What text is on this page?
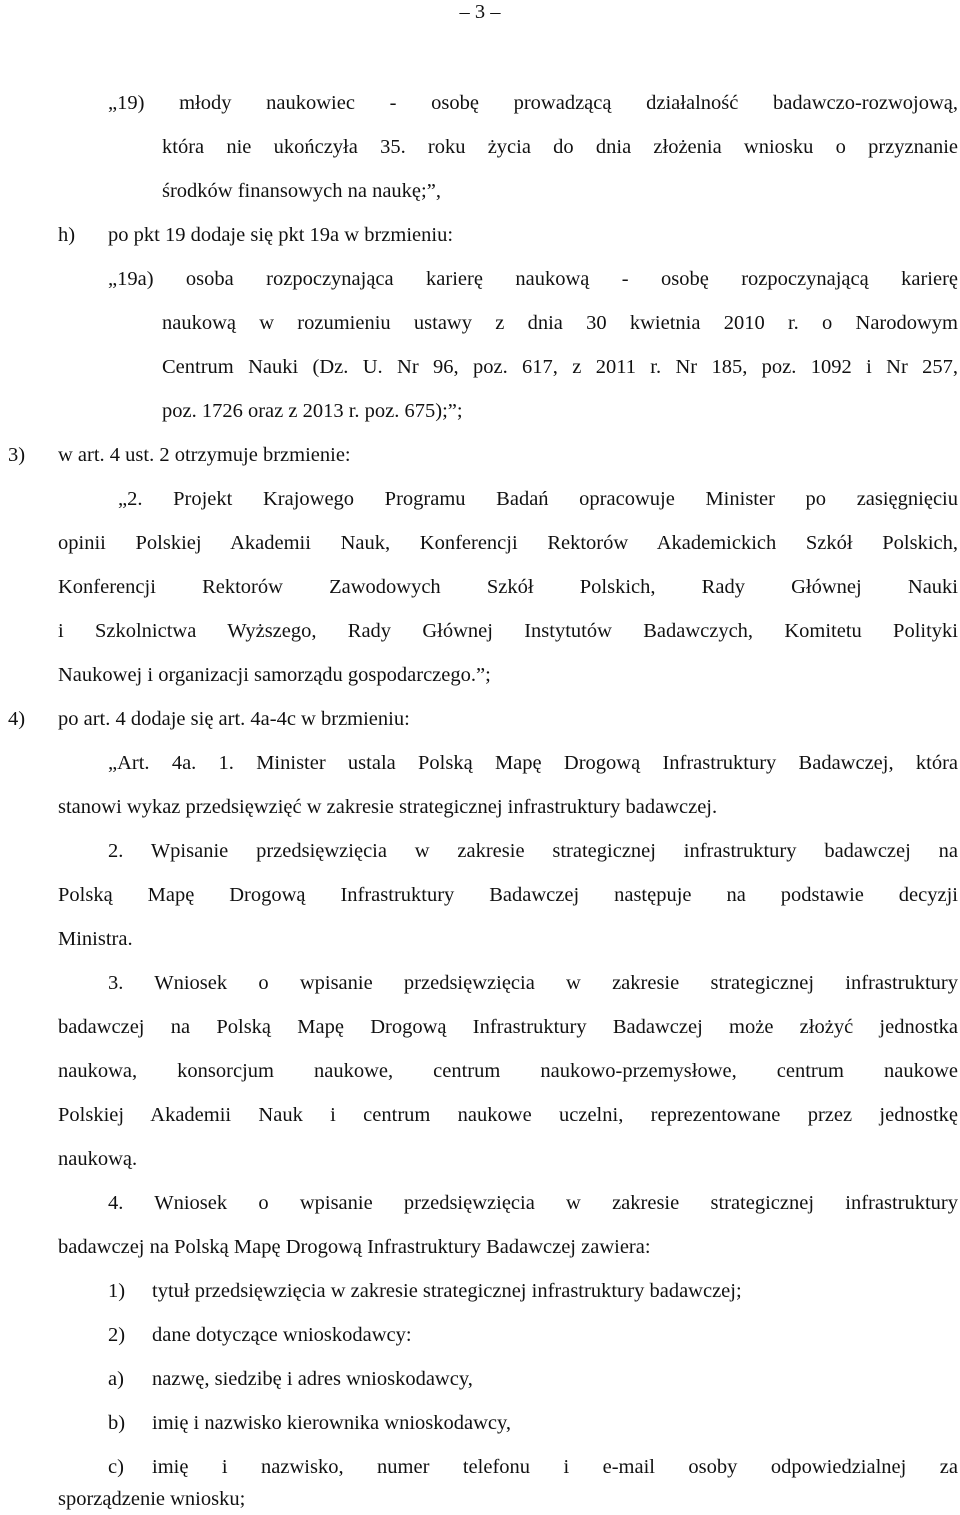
– 3 –
„19) młody naukowiec - osobę prowadzącą działalność badawczo-rozwojową,
która nie ukończyła 35. roku życia do dnia złożenia wniosku o przyznanie
środków finansowych na naukę;”,
h) po pkt 19 dodaje się pkt 19a w brzmieniu:
„19a) osoba rozpoczynająca karierę naukową - osobę rozpoczynającą karierę
naukową w rozumieniu ustawy z dnia 30 kwietnia 2010 r. o Narodowym
Centrum Nauki (Dz. U. Nr 96, poz. 617, z 2011 r. Nr 185, poz. 1092 i Nr 257,
poz. 1726 oraz z 2013 r. poz. 675);”;
3) w art. 4 ust. 2 otrzymuje brzmienie:
„2. Projekt Krajowego Programu Badań opracowuje Minister po zasięgnięciu
opinii Polskiej Akademii Nauk, Konferencji Rektorów Akademickich Szkół Polskich,
Konferencji Rektorów Zawodowych Szkół Polskich, Rady Głównej Nauki
i Szkolnictwa Wyższego, Rady Głównej Instytutów Badawczych, Komitetu Polityki
Naukowej i organizacji samorządu gospodarczego.”;
4) po art. 4 dodaje się art. 4a-4c w brzmieniu:
„Art. 4a. 1. Minister ustala Polską Mapę Drogową Infrastruktury Badawczej, która
stanowi wykaz przedsięwzięć w zakresie strategicznej infrastruktury badawczej.
2. Wpisanie przedsięwzięcia w zakresie strategicznej infrastruktury badawczej na
Polską Mapę Drogową Infrastruktury Badawczej następuje na podstawie decyzji
Ministra.
3. Wniosek o wpisanie przedsięwzięcia w zakresie strategicznej infrastruktury
badawczej na Polską Mapę Drogową Infrastruktury Badawczej może złożyć jednostka
naukowa, konsorcjum naukowe, centrum naukowo-przemysłowe, centrum naukowe
Polskiej Akademii Nauk i centrum naukowe uczelni, reprezentowane przez jednostkę
naukową.
4. Wniosek o wpisanie przedsięwzięcia w zakresie strategicznej infrastruktury
badawczej na Polską Mapę Drogową Infrastruktury Badawczej zawiera:
1) tytuł przedsięwzięcia w zakresie strategicznej infrastruktury badawczej;
2) dane dotyczące wnioskodawcy:
a) nazwę, siedzibę i adres wnioskodawcy,
b) imię i nazwisko kierownika wnioskodawcy,
c) imię i nazwisko, numer telefonu i e-mail osoby odpowiedzialnej za
sporządzenie wniosku;
